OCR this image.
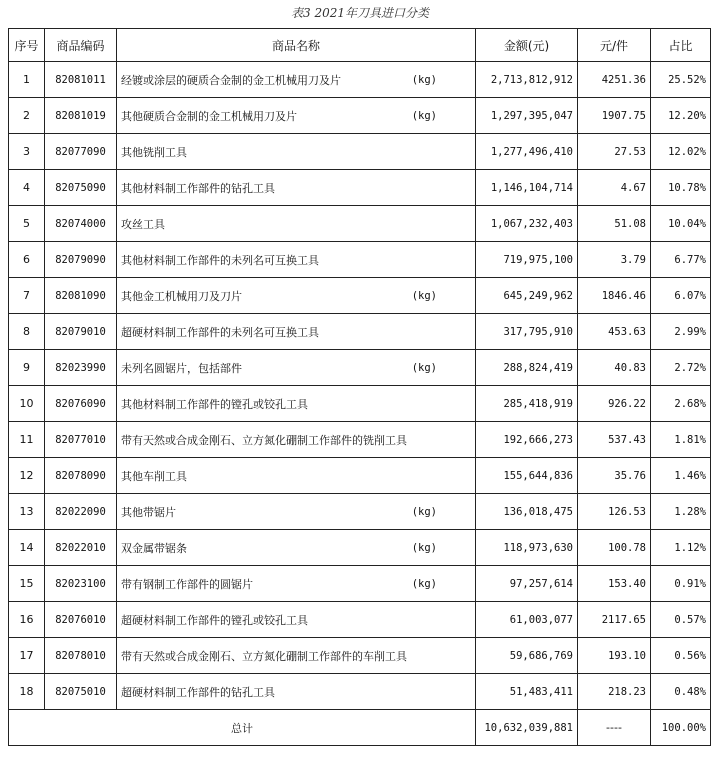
表3 2021年刀具进口分类
序号	商品编码	商品名称	金额(元)	元/件	占比
1	82081011	经镀或涂层的硬质合金制的金工机械用刀及片 (kg)	2,713,812,912	4251.36	25.52%
2	82081019	其他硬质合金制的金工机械用刀及片 (kg)	1,297,395,047	1907.75	12.20%
3	82077090	其他铣削工具	1,277,496,410	27.53	12.02%
4	82075090	其他材料制工作部件的钻孔工具	1,146,104,714	4.67	10.78%
5	82074000	攻丝工具	1,067,232,403	51.08	10.04%
6	82079090	其他材料制工作部件的未列名可互换工具	719,975,100	3.79	6.77%
7	82081090	其他金工机械用刀及刀片 (kg)	645,249,962	1846.46	6.07%
8	82079010	超硬材料制工作部件的未列名可互换工具	317,795,910	453.63	2.99%
9	82023990	未列名圆锯片，包括部件 (kg)	288,824,419	40.83	2.72%
10	82076090	其他材料制工作部件的镗孔或铰孔工具	285,418,919	926.22	2.68%
11	82077010	带有天然或合成金刚石、立方氮化硼制工作部件的铣削工具	192,666,273	537.43	1.81%
12	82078090	其他车削工具	155,644,836	35.76	1.46%
13	82022090	其他带锯片 (kg)	136,018,475	126.53	1.28%
14	82022010	双金属带锯条 (kg)	118,973,630	100.78	1.12%
15	82023100	带有钢制工作部件的圆锯片 (kg)	97,257,614	153.40	0.91%
16	82076010	超硬材料制工作部件的镗孔或铰孔工具	61,003,077	2117.65	0.57%
17	82078010	带有天然或合成金刚石、立方氮化硼制工作部件的车削工具	59,686,769	193.10	0.56%
18	82075010	超硬材料制工作部件的钻孔工具	51,483,411	218.23	0.48%
总计			10,632,039,881	----	100.00%
